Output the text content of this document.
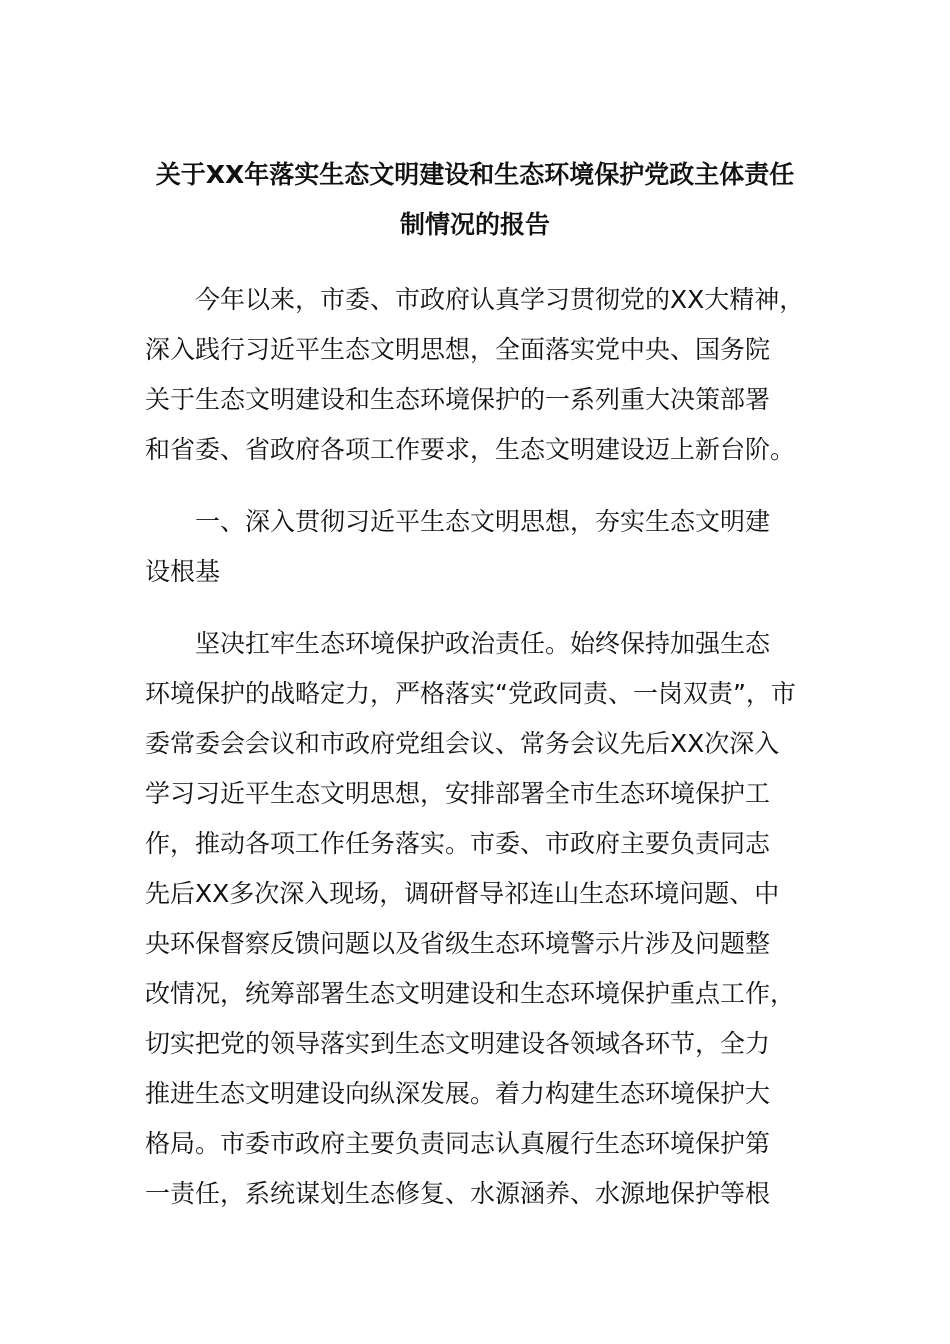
关于XX年落实生态文明建设和生态环境保护党政主体责任
制情况的报告
今年以来，市委、市政府认真学习贯彻党的XX大精神，
深入践行习近平生态文明思想，全面落实党中央、国务院
关于生态文明建设和生态环境保护的一系列重大决策部署
和省委、省政府各项工作要求，生态文明建设迈上新台阶。
一、深入贯彻习近平生态文明思想，夯实生态文明建
设根基
坚决扛牢生态环境保护政治责任。始终保持加强生态
环境保护的战略定力，严格落实“党政同责、一岗双责”，市
委常委会会议和市政府党组会议、常务会议先后XX次深入
学习习近平生态文明思想，安排部署全市生态环境保护工
作，推动各项工作任务落实。市委、市政府主要负责同志
先后XX多次深入现场，调研督导祁连山生态环境问题、中
央环保督察反馈问题以及省级生态环境警示片涉及问题整
改情况，统筹部署生态文明建设和生态环境保护重点工作，
切实把党的领导落实到生态文明建设各领域各环节，全力
推进生态文明建设向纵深发展。着力构建生态环境保护大
格局。市委市政府主要负责同志认真履行生态环境保护第
一责任，系统谋划生态修复、水源涵养、水源地保护等根
